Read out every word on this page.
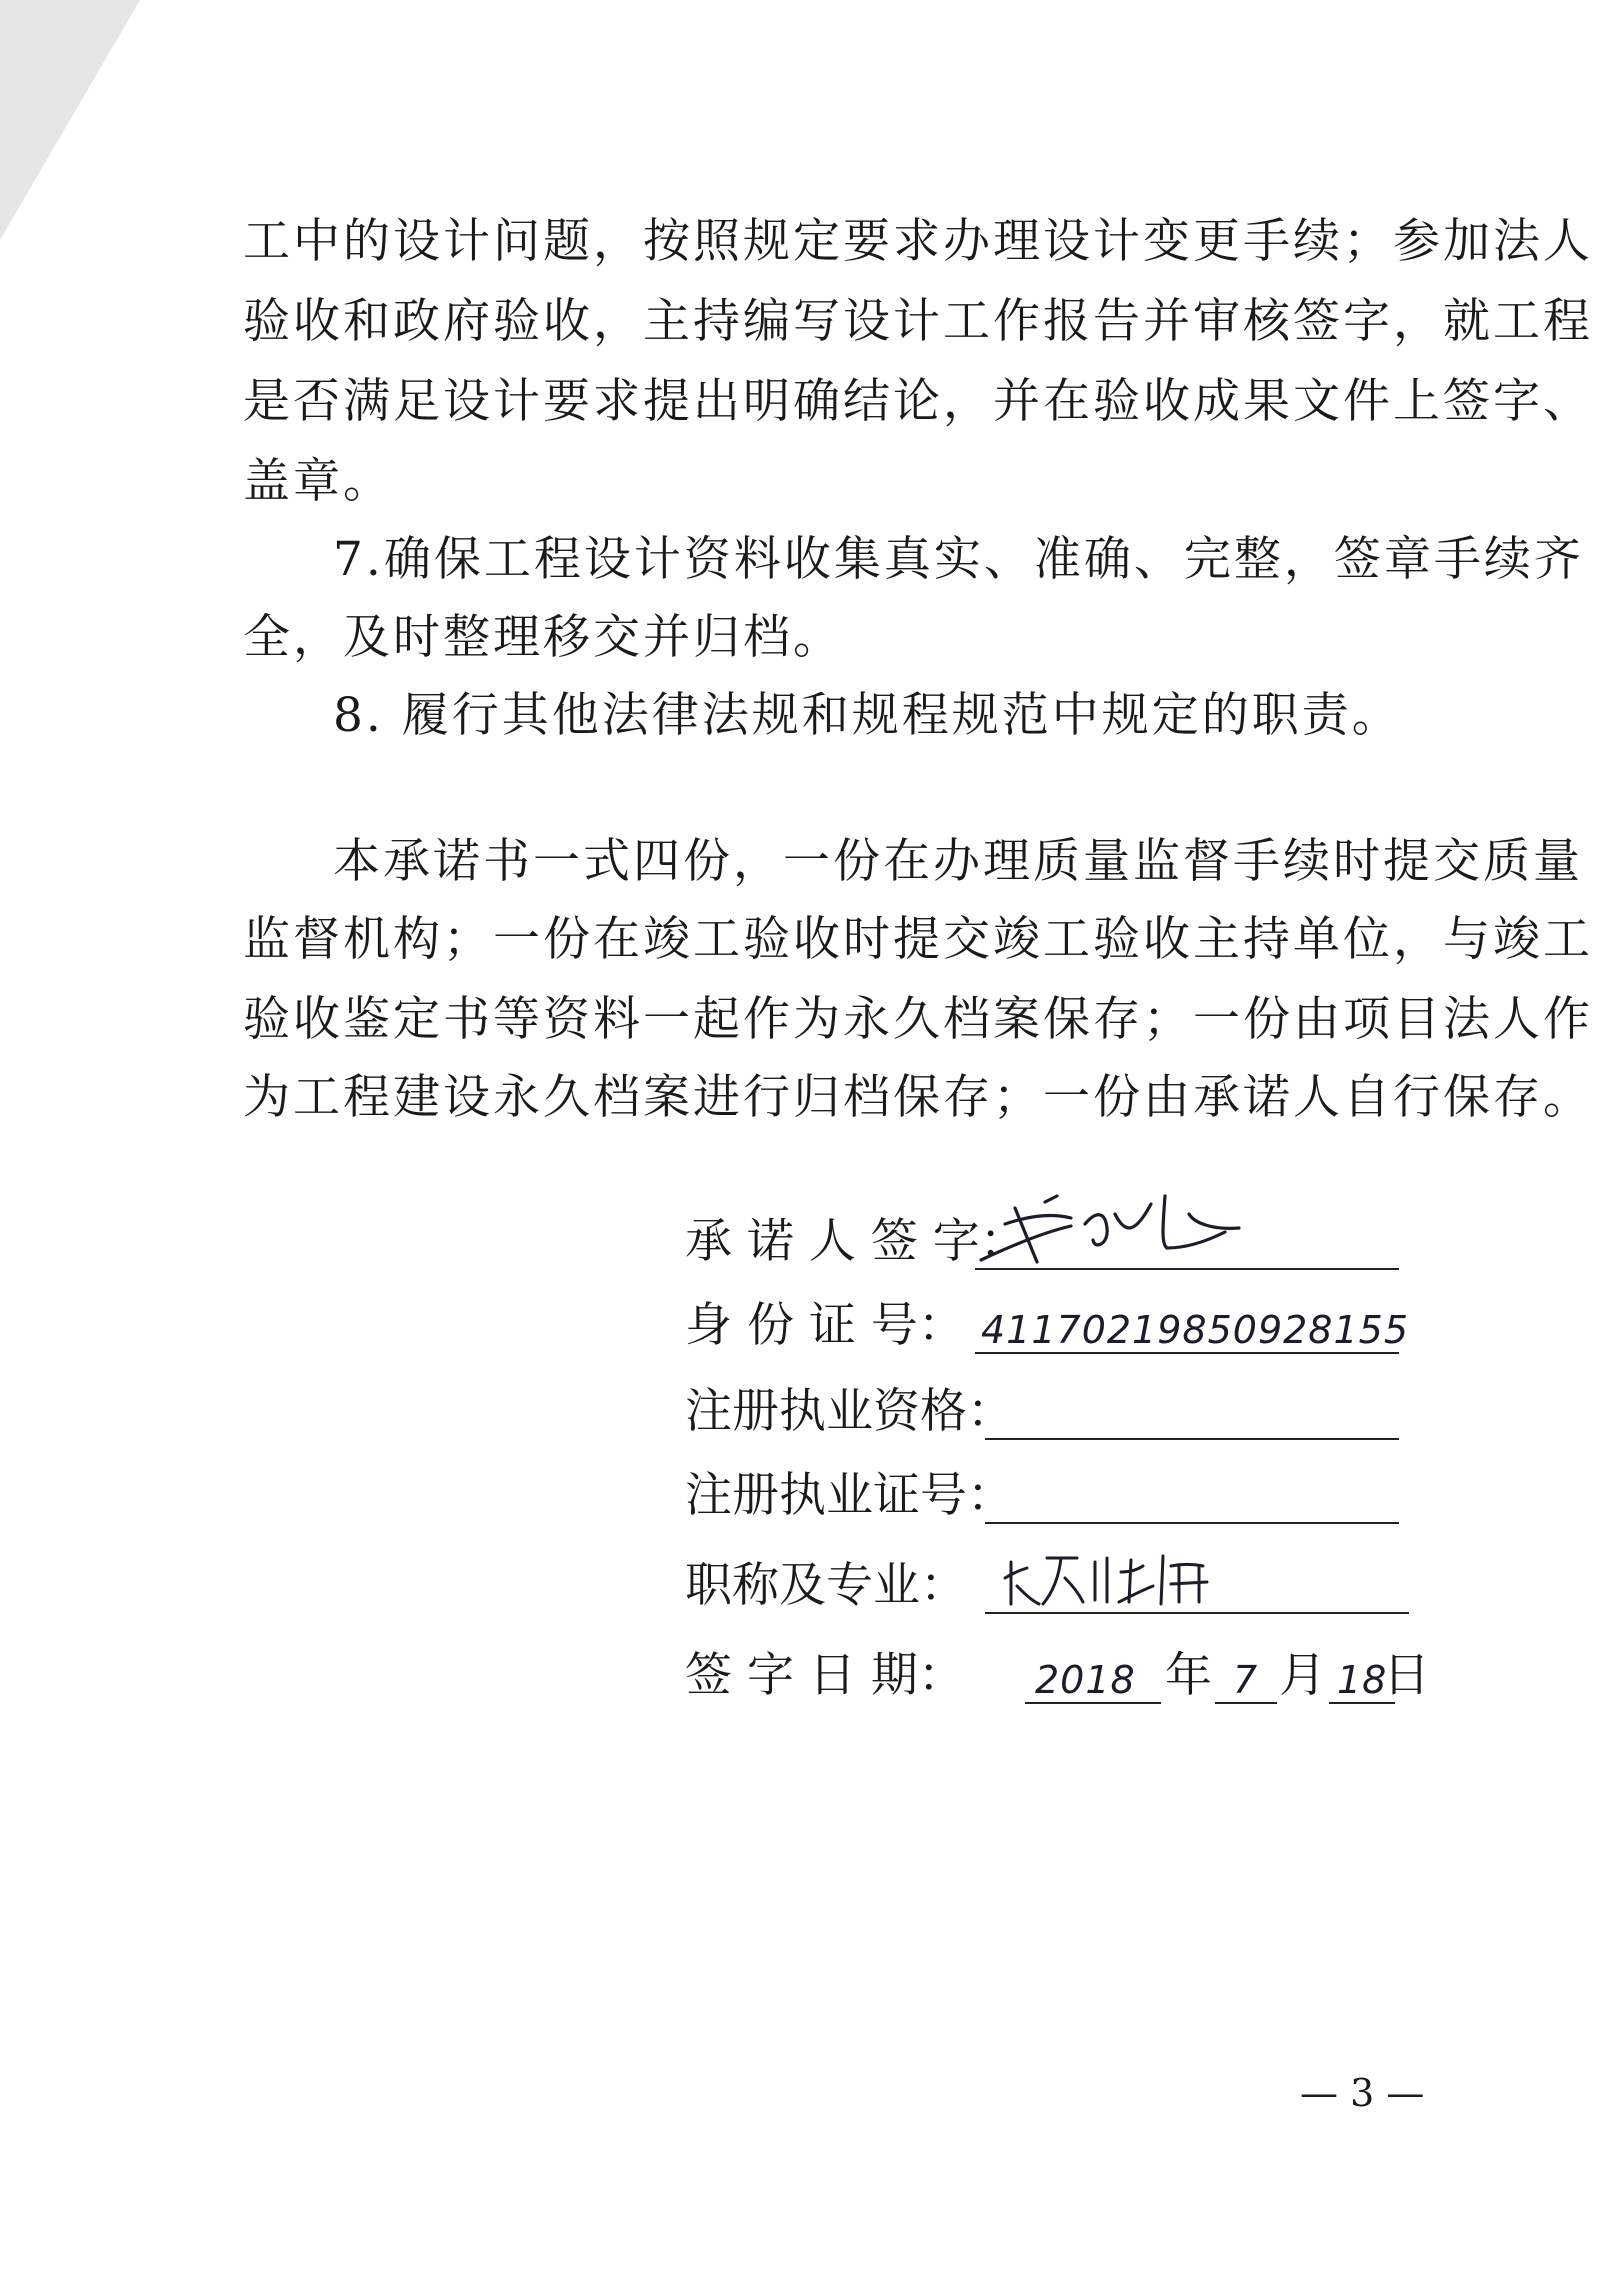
工 中 的 设 计 问 题 ， 按 照 规 定 要 求 办 理 设 计 变 更 手 续 ； 参 加 法 人
验 收 和 政 府 验 收 ， 主 持 编 写 设 计 工 作 报 告 并 审 核 签 字 ， 就 工 程
是 否 满 足 设 计 要 求 提 出 明 确 结 论 ， 并 在 验 收 成 果 文 件 上 签 字 、
盖章。
7. 确 保 工 程 设 计 资 料 收 集 真 实 、 准 确 、 完 整 ， 签 章 手 续 齐
全，及时整理移交并归档。
8. 履行其他法律法规和规程规范中规定的职责。
本 承 诺 书 一 式 四 份 ， 一 份 在 办 理 质 量 监 督 手 续 时 提 交 质 量
监 督 机 构 ； 一 份 在 竣 工 验 收 时 提 交 竣 工 验 收 主 持 单 位 ， 与 竣 工
验 收 鉴 定 书 等 资 料 一 起 作 为 永 久 档 案 保 存 ； 一 份 由 项 目 法 人 作
为 工 程 建 设 永 久 档 案 进 行 归 档 保 存 ； 一 份 由 承 诺 人 自 行 保 存 。
承 诺 人 签 字：
身 份 证 号： 41170219850928155
注册执业资格：
注册执业证号：
职称及专业：
签 字 日 期： 2018 年 7 月 18
日
— 3 —
